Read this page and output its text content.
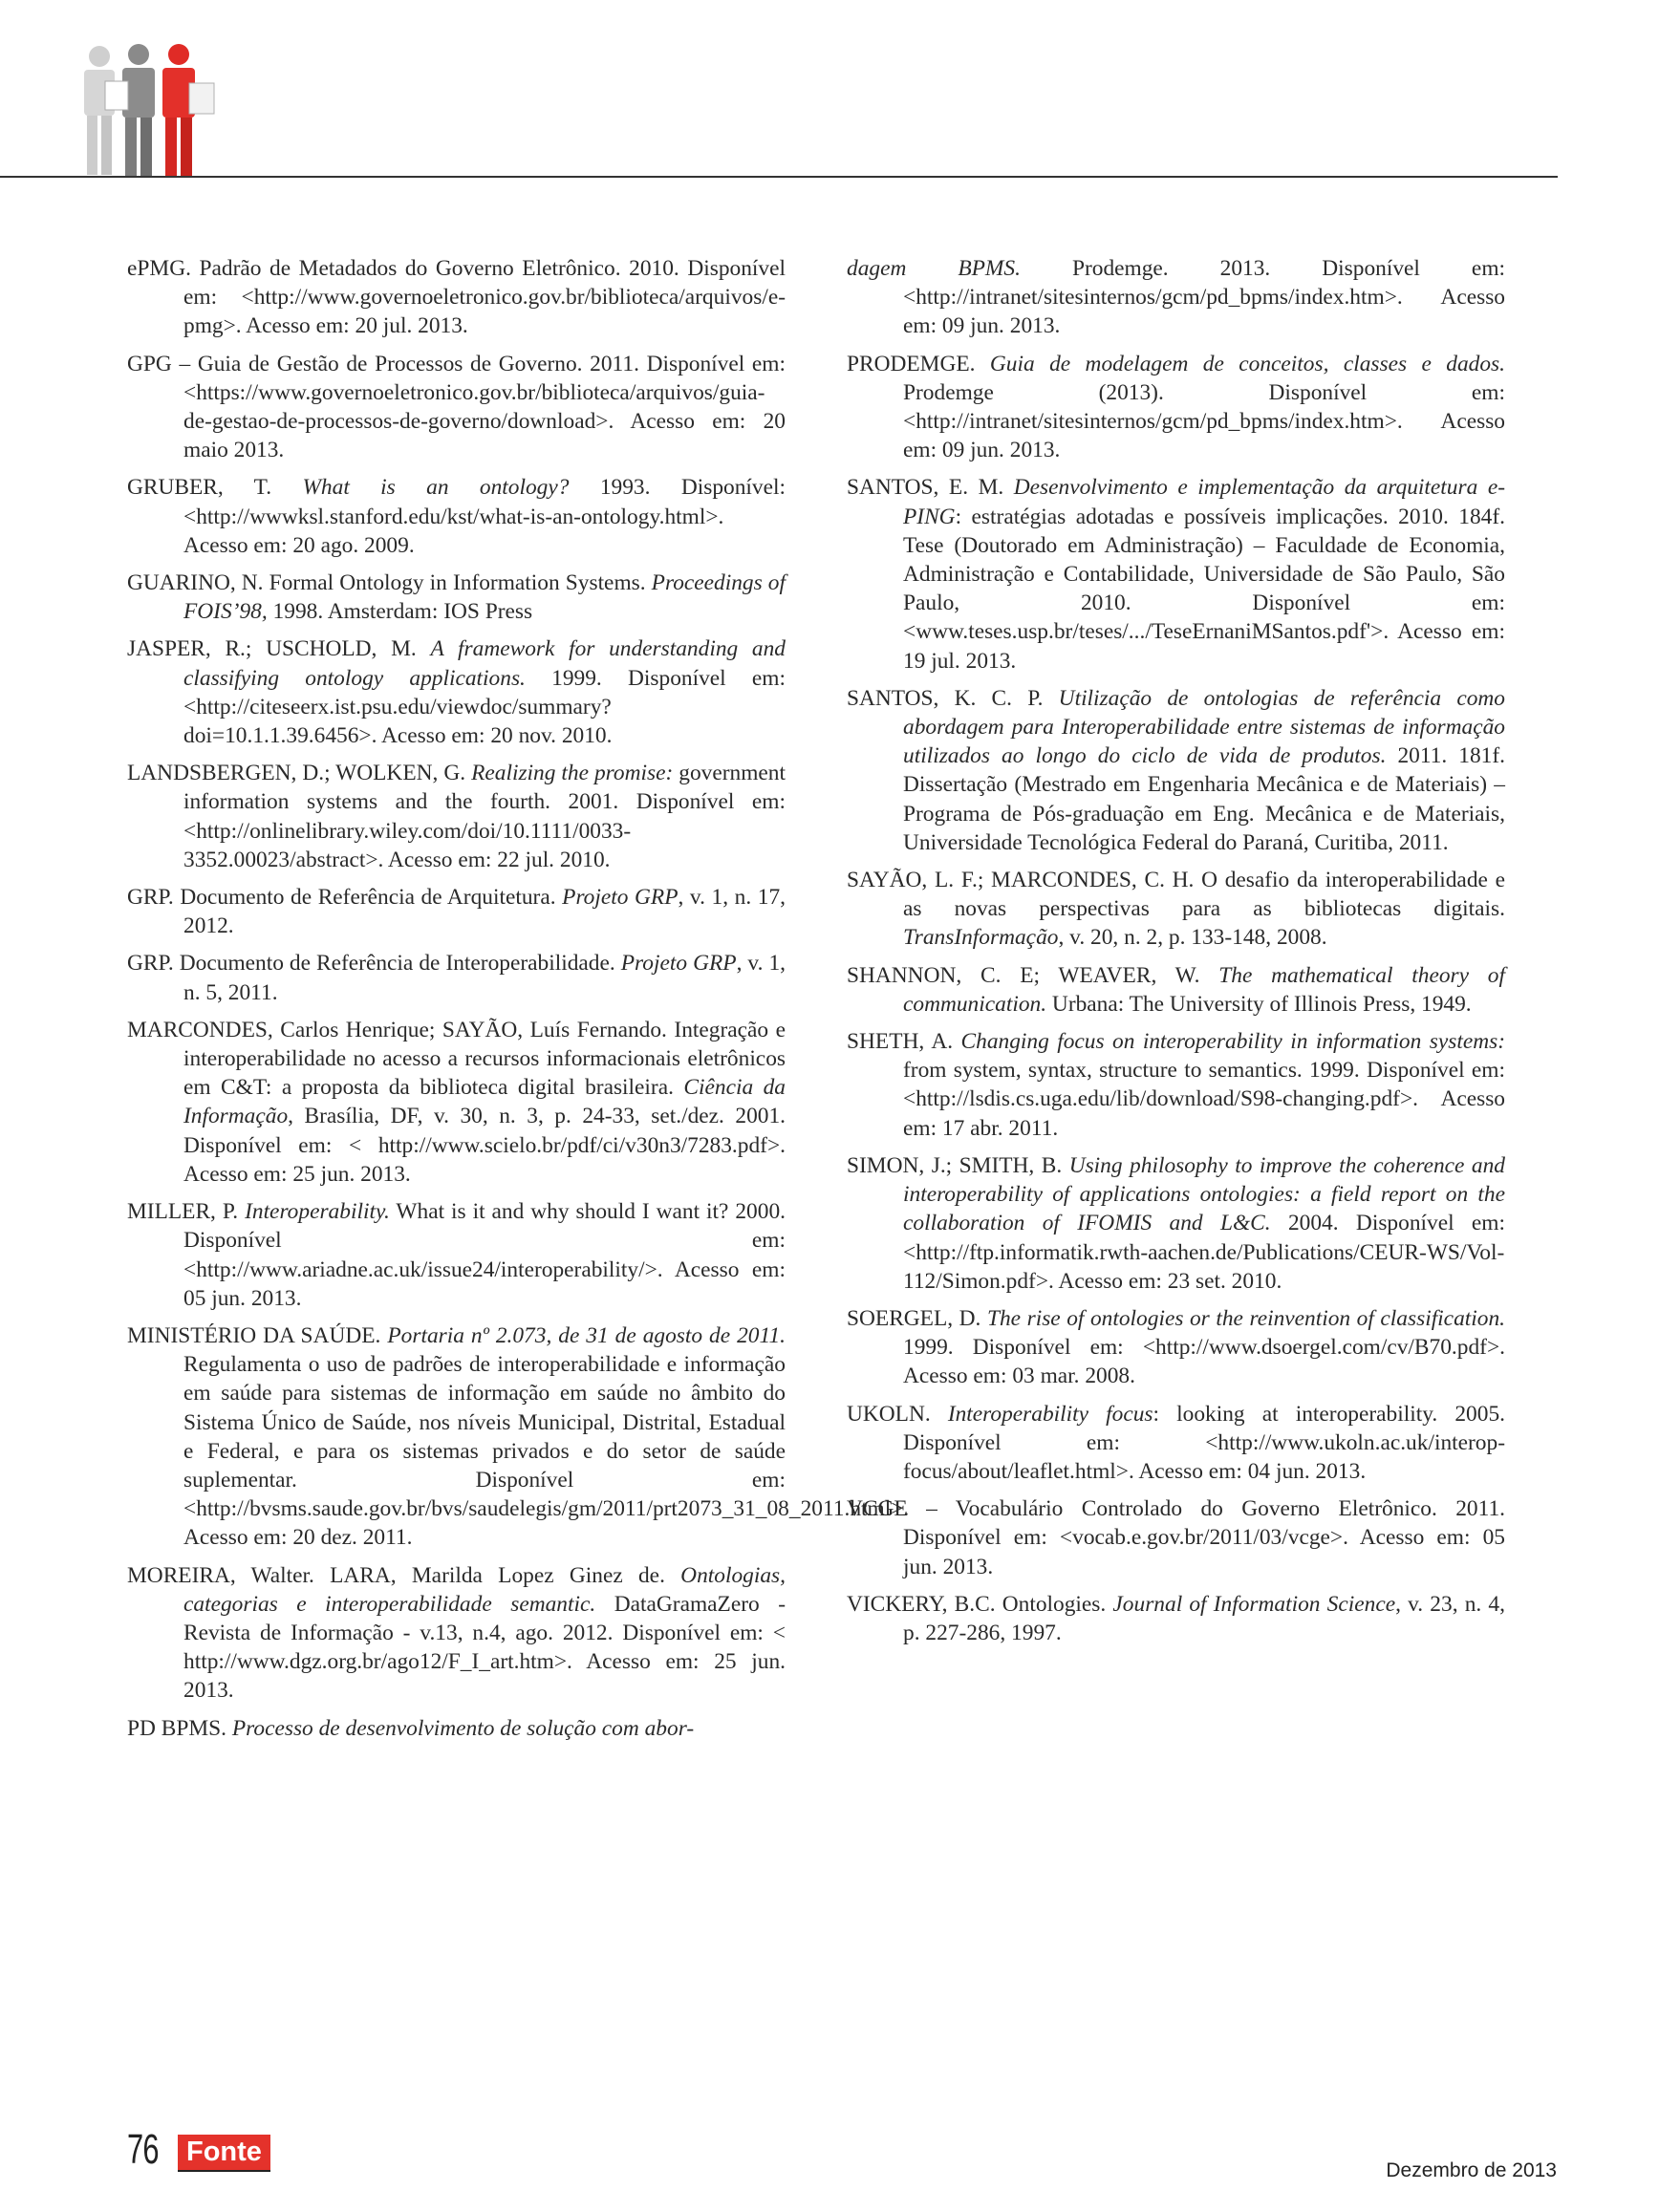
ePMG. Padrão de Metadados do Governo Eletrônico. 2010. Disponível em: <http://www.governoeletronico.gov.br/biblioteca/arquivos/e-pmg>. Acesso em: 20 jul. 2013.

GPG – Guia de Gestão de Processos de Governo. 2011. Disponível em: <https://www.governoeletronico.gov.br/biblioteca/arquivos/guia-de-gestao-de-processos-de-governo/download>. Acesso em: 20 maio 2013.

GRUBER, T. What is an ontology? 1993. Disponível: <http://wwwksl.stanford.edu/kst/what-is-an-ontology.html>. Acesso em: 20 ago. 2009.

GUARINO, N. Formal Ontology in Information Systems. Proceedings of FOIS’98, 1998. Amsterdam: IOS Press

JASPER, R.; USCHOLD, M. A framework for understanding and classifying ontology applications. 1999. Disponível em: <http://citeseerx.ist.psu.edu/viewdoc/summary?doi=10.1.1.39.6456>. Acesso em: 20 nov. 2010.

LANDSBERGEN, D.; WOLKEN, G. Realizing the promise: government information systems and the fourth. 2001. Disponível em: <http://onlinelibrary.wiley.com/doi/10.1111/0033-3352.00023/abstract>. Acesso em: 22 jul. 2010.

GRP. Documento de Referência de Arquitetura. Projeto GRP, v. 1, n. 17, 2012.

GRP. Documento de Referência de Interoperabilidade. Projeto GRP, v. 1, n. 5, 2011.

MARCONDES, Carlos Henrique; SAYÃO, Luís Fernando. Integração e interoperabilidade no acesso a recursos informacionais eletrônicos em C&T: a proposta da biblioteca digital brasileira. Ciência da Informação, Brasília, DF, v. 30, n. 3, p. 24-33, set./dez. 2001. Disponível em: < http://www.scielo.br/pdf/ci/v30n3/7283.pdf>. Acesso em: 25 jun. 2013.

MILLER, P. Interoperability. What is it and why should I want it? 2000. Disponível em: <http://www.ariadne.ac.uk/issue24/interoperability/>. Acesso em: 05 jun. 2013.

MINISTÉRIO DA SAÚDE. Portaria nº 2.073, de 31 de agosto de 2011. Regulamenta o uso de padrões de interoperabilidade e informação em saúde para sistemas de informação em saúde no âmbito do Sistema Único de Saúde, nos níveis Municipal, Distrital, Estadual e Federal, e para os sistemas privados e do setor de saúde suplementar. Disponível em: <http://bvsms.saude.gov.br/bvs/saudelegis/gm/2011/prt2073_31_08_2011.html>. Acesso em: 20 dez. 2011.

MOREIRA, Walter. LARA, Marilda Lopez Ginez de. Ontologias, categorias e interoperabilidade semantic. DataGramaZero - Revista de Informação - v.13, n.4, ago. 2012. Disponível em: < http://www.dgz.org.br/ago12/F_I_art.htm>. Acesso em: 25 jun. 2013.

PD BPMS. Processo de desenvolvimento de solução com abor-

dagem BPMS. Prodemge. 2013. Disponível em: <http://intranet/sitesinternos/gcm/pd_bpms/index.htm>. Acesso em: 09 jun. 2013.

PRODEMGE. Guia de modelagem de conceitos, classes e dados. Prodemge (2013). Disponível em: <http://intranet/sitesinternos/gcm/pd_bpms/index.htm>. Acesso em: 09 jun. 2013.

SANTOS, E. M. Desenvolvimento e implementação da arquitetura e-PING: estratégias adotadas e possíveis implicações. 2010. 184f. Tese (Doutorado em Administração) – Faculdade de Economia, Administração e Contabilidade, Universidade de São Paulo, São Paulo, 2010. Disponível em: <www.teses.usp.br/teses/.../TeseErnaniMSantos.pdf'>. Acesso em: 19 jul. 2013.

SANTOS, K. C. P. Utilização de ontologias de referência como abordagem para Interoperabilidade entre sistemas de informação utilizados ao longo do ciclo de vida de produtos. 2011. 181f. Dissertação (Mestrado em Engenharia Mecânica e de Materiais) – Programa de Pós-graduação em Eng. Mecânica e de Materiais, Universidade Tecnológica Federal do Paraná, Curitiba, 2011.

SAYÃO, L. F.; MARCONDES, C. H. O desafio da interoperabilidade e as novas perspectivas para as bibliotecas digitais. TransInformação, v. 20, n. 2, p. 133-148, 2008.

SHANNON, C. E; WEAVER, W. The mathematical theory of communication. Urbana: The University of Illinois Press, 1949.

SHETH, A. Changing focus on interoperability in information systems: from system, syntax, structure to semantics. 1999. Disponível em: <http://lsdis.cs.uga.edu/lib/download/S98-changing.pdf>. Acesso em: 17 abr. 2011.

SIMON, J.; SMITH, B. Using philosophy to improve the coherence and interoperability of applications ontologies: a field report on the collaboration of IFOMIS and L&C. 2004. Disponível em: <http://ftp.informatik.rwth-aachen.de/Publications/CEUR-WS/Vol-112/Simon.pdf>. Acesso em: 23 set. 2010.

SOERGEL, D. The rise of ontologies or the reinvention of classification. 1999. Disponível em: <http://www.dsoergel.com/cv/B70.pdf>. Acesso em: 03 mar. 2008.

UKOLN. Interoperability focus: looking at interoperability. 2005. Disponível em: <http://www.ukoln.ac.uk/interop-focus/about/leaflet.html>. Acesso em: 04 jun. 2013.

VCGE – Vocabulário Controlado do Governo Eletrônico. 2011. Disponível em: <vocab.e.gov.br/2011/03/vcge>. Acesso em: 05 jun. 2013.

VICKERY, B.C. Ontologies. Journal of Information Science, v. 23, n. 4, p. 227-286, 1997.

76	Fonte
Dezembro de 2013
